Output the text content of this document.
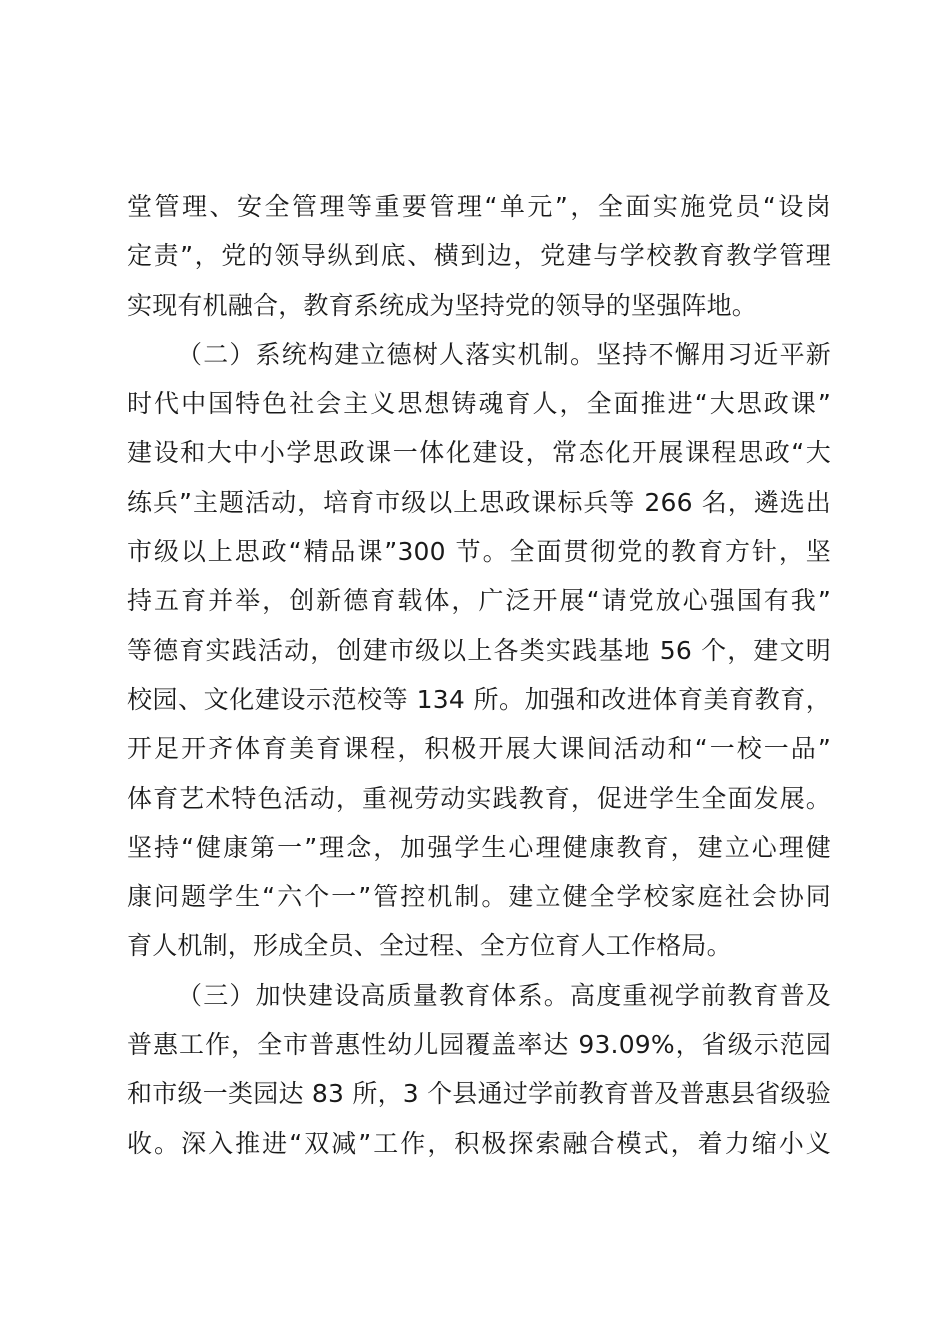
堂管理、安全管理等重要管理“单元”，全面实施党员“设岗
定责”，党的领导纵到底、横到边，党建与学校教育教学管理
实现有机融合，教育系统成为坚持党的领导的坚强阵地。
（二）系统构建立德树人落实机制。坚持不懈用习近平新
时代中国特色社会主义思想铸魂育人，全面推进“大思政课”
建设和大中小学思政课一体化建设，常态化开展课程思政“大
练兵”主题活动，培育市级以上思政课标兵等 266 名，遴选出
市级以上思政“精品课”300 节。全面贯彻党的教育方针，坚
持五育并举，创新德育载体，广泛开展“请党放心强国有我”
等德育实践活动，创建市级以上各类实践基地 56 个，建文明
校园、文化建设示范校等 134 所。加强和改进体育美育教育，
开足开齐体育美育课程，积极开展大课间活动和“一校一品”
体育艺术特色活动，重视劳动实践教育，促进学生全面发展。
坚持“健康第一”理念，加强学生心理健康教育，建立心理健
康问题学生“六个一”管控机制。建立健全学校家庭社会协同
育人机制，形成全员、全过程、全方位育人工作格局。
（三）加快建设高质量教育体系。高度重视学前教育普及
普惠工作，全市普惠性幼儿园覆盖率达 93.09%，省级示范园
和市级一类园达 83 所，3 个县通过学前教育普及普惠县省级验
收。深入推进“双减”工作，积极探索融合模式，着力缩小义
